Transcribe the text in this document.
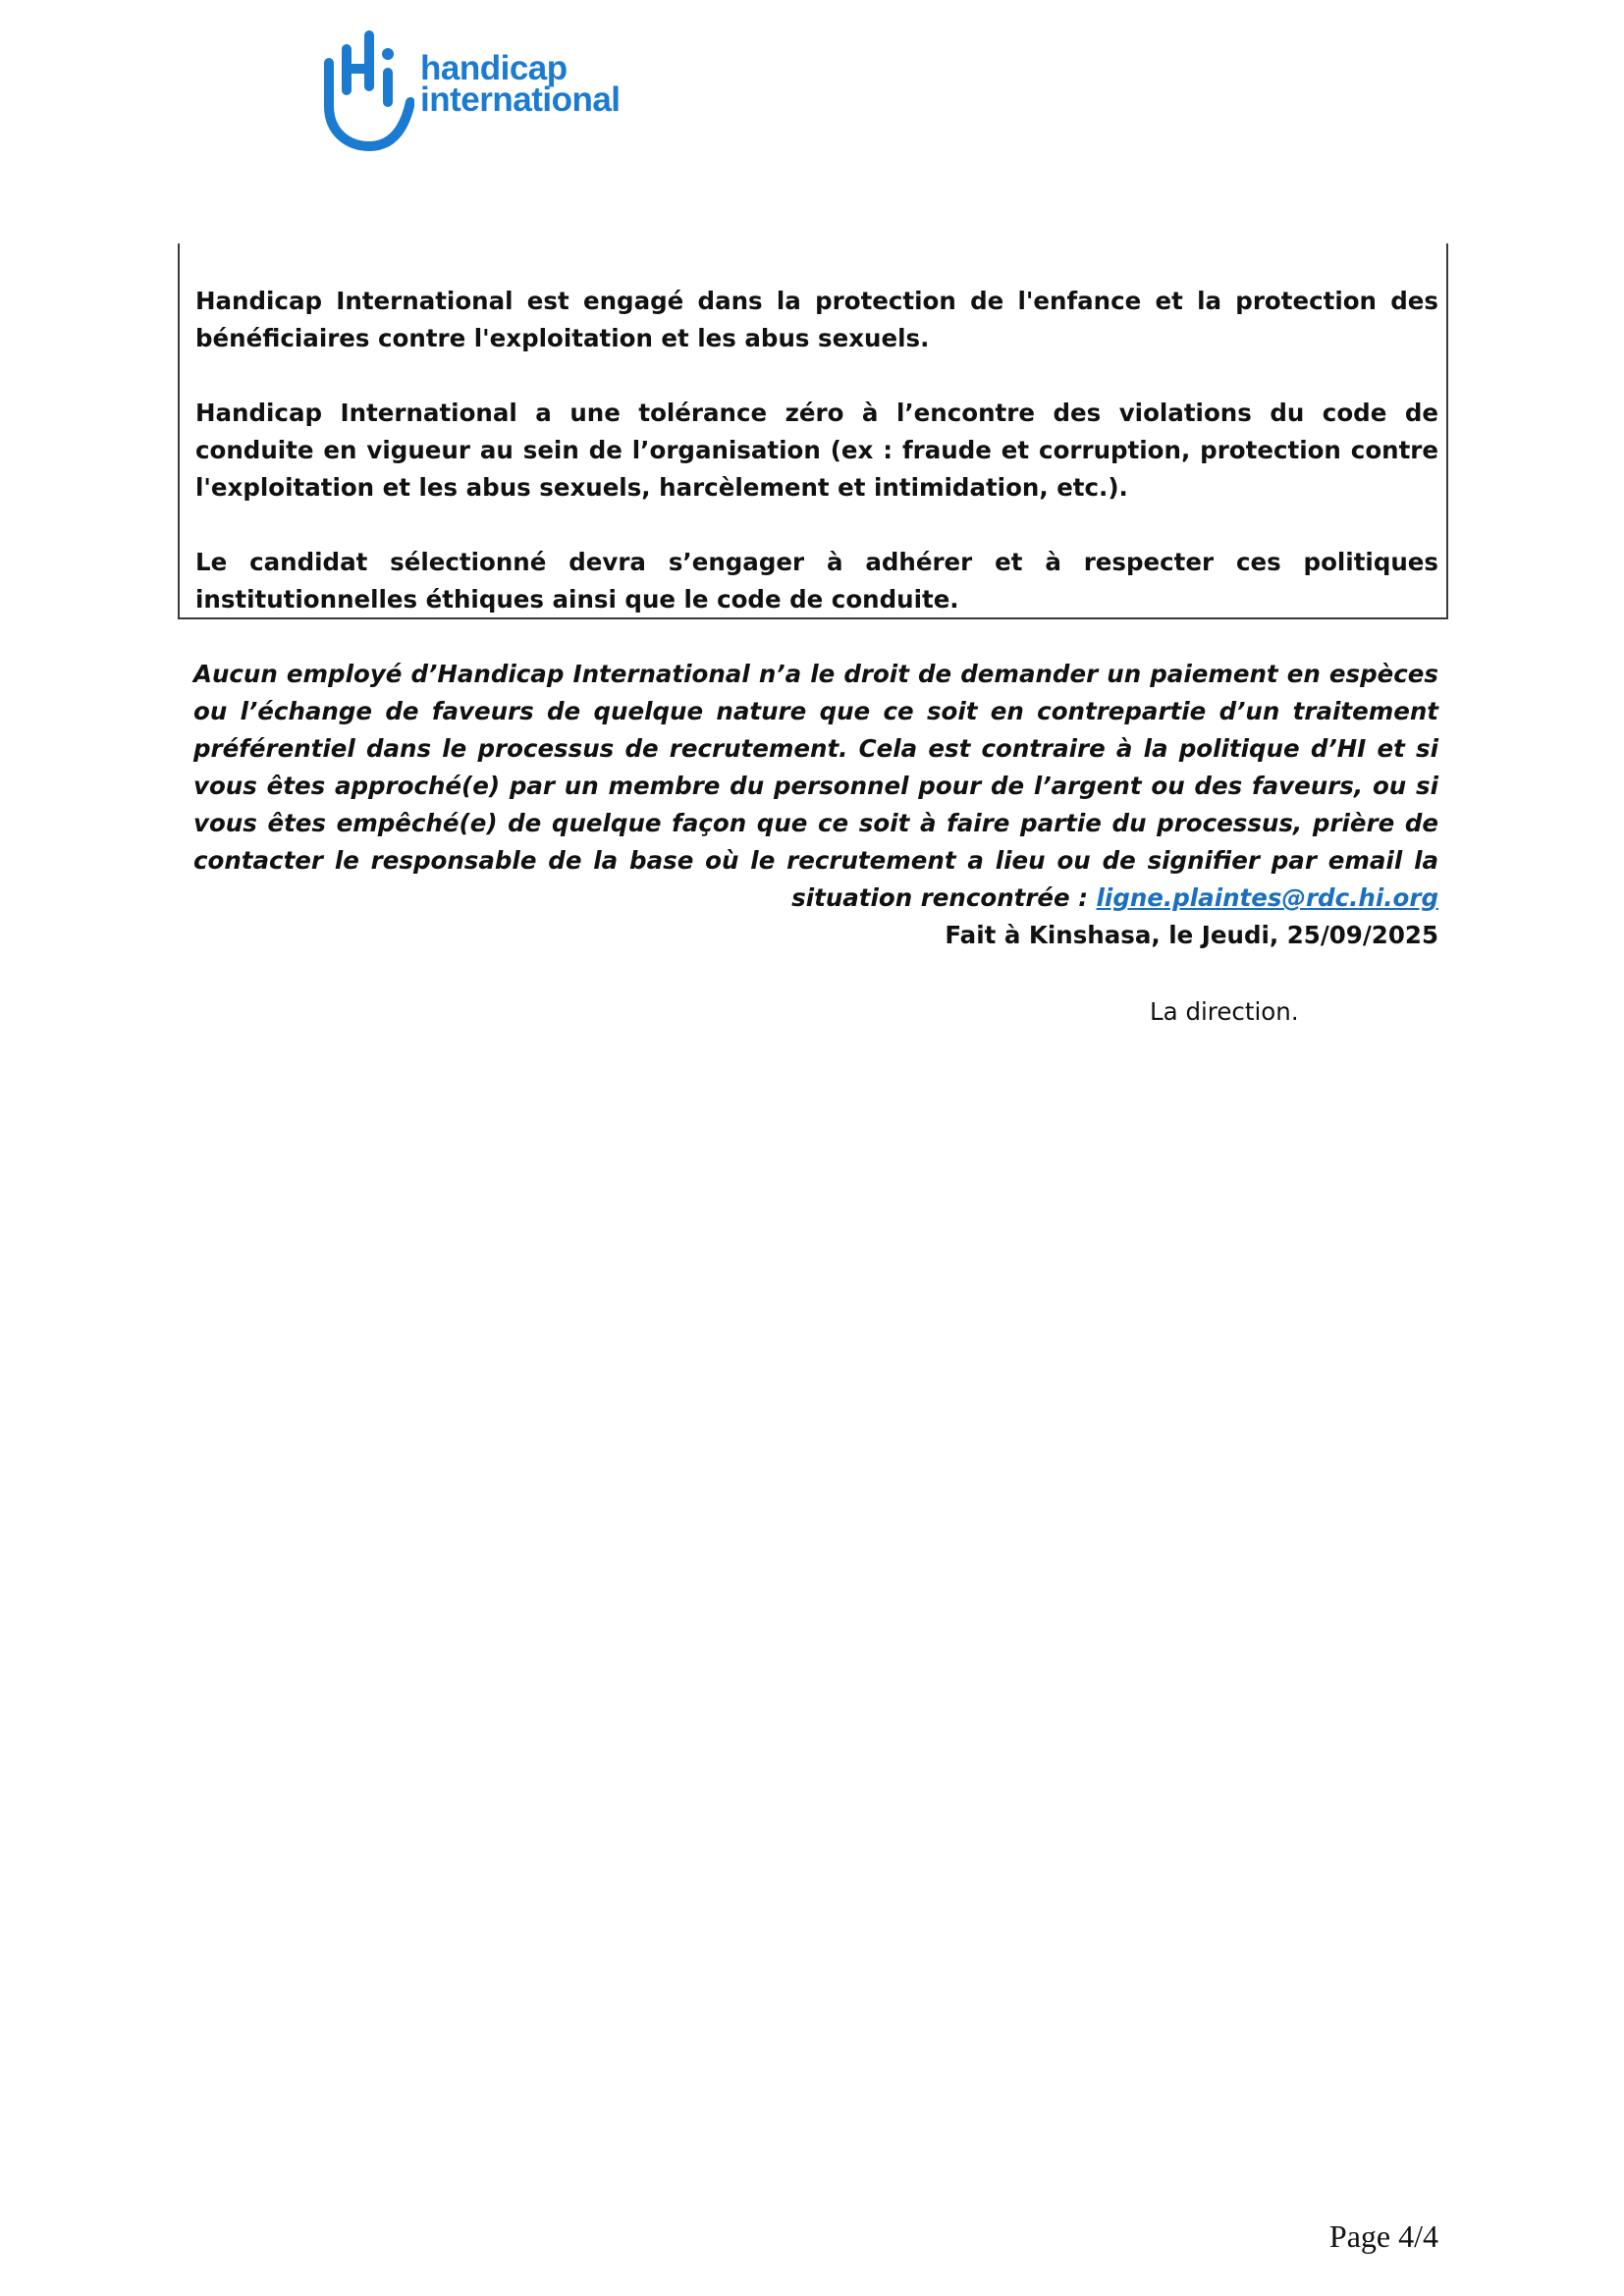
handicap
international

Handicap International est engagé dans la protection de l'enfance et la protection des bénéficiaires contre l'exploitation et les abus sexuels.

Handicap International a une tolérance zéro à l’encontre des violations du code de conduite en vigueur au sein de l’organisation (ex : fraude et corruption, protection contre l'exploitation et les abus sexuels, harcèlement et intimidation, etc.).

Le candidat sélectionné devra s’engager à adhérer et à respecter ces politiques institutionnelles éthiques ainsi que le code de conduite.

Aucun employé d’Handicap International n’a le droit de demander un paiement en espèces ou l’échange de faveurs de quelque nature que ce soit en contrepartie d’un traitement préférentiel dans le processus de recrutement. Cela est contraire à la politique d’HI et si vous êtes approché(e) par un membre du personnel pour de l’argent ou des faveurs, ou si vous êtes empêché(e) de quelque façon que ce soit à faire partie du processus, prière de contacter le responsable de la base où le recrutement a lieu ou de signifier par email la situation rencontrée : ligne.plaintes@rdc.hi.org

Fait à Kinshasa, le Jeudi, 25/09/2025

La direction.

Page 4/4
